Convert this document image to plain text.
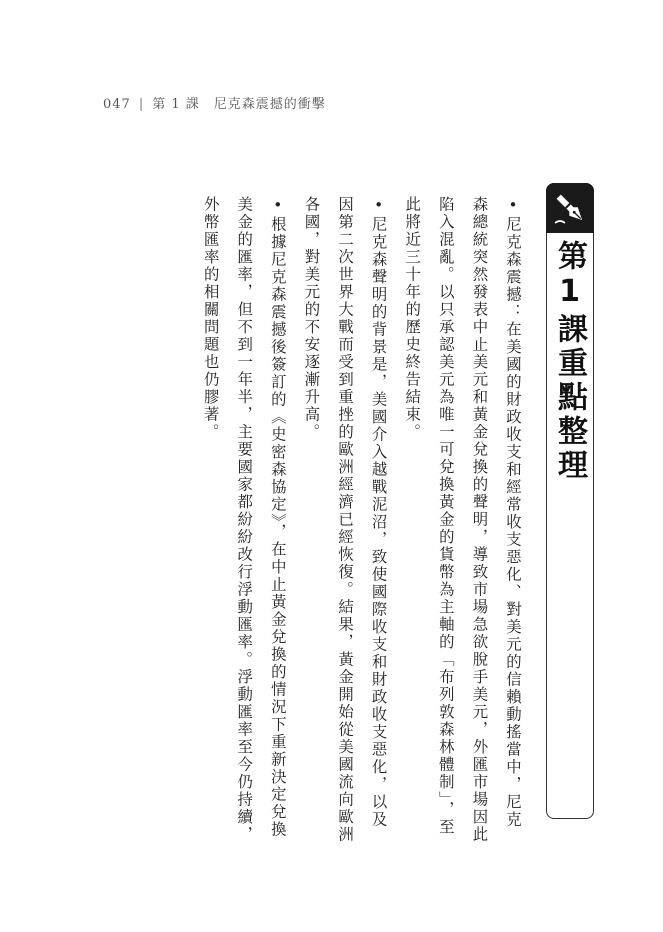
047 | 第 1 課 尼克森震撼的衝擊
第1課重點整理

•尼克森震撼：在美國的財政收支和經常收支惡化、對美元的信賴動搖當中，尼克森總統突然發表中止美元和黃金兌換的聲明，導致市場急欲脫手美元，外匯市場因此陷入混亂。以只承認美元為唯一可兌換黃金的貨幣為主軸的「布列敦森林體制」，至此將近三十年的歷史終告結束。

•尼克森聲明的背景是，美國介入越戰泥沼，致使國際收支和財政收支惡化，以及因第二次世界大戰而受到重挫的歐洲經濟已經恢復。結果，黃金開始從美國流向歐洲各國，對美元的不安逐漸升高。

•根據尼克森震撼後簽訂的《史密森協定》，在中止黃金兌換的情況下重新決定兌換美金的匯率，但不到一年半，主要國家都紛紛改行浮動匯率。浮動匯率至今仍持續，外幣匯率的相關問題也仍膠著。
